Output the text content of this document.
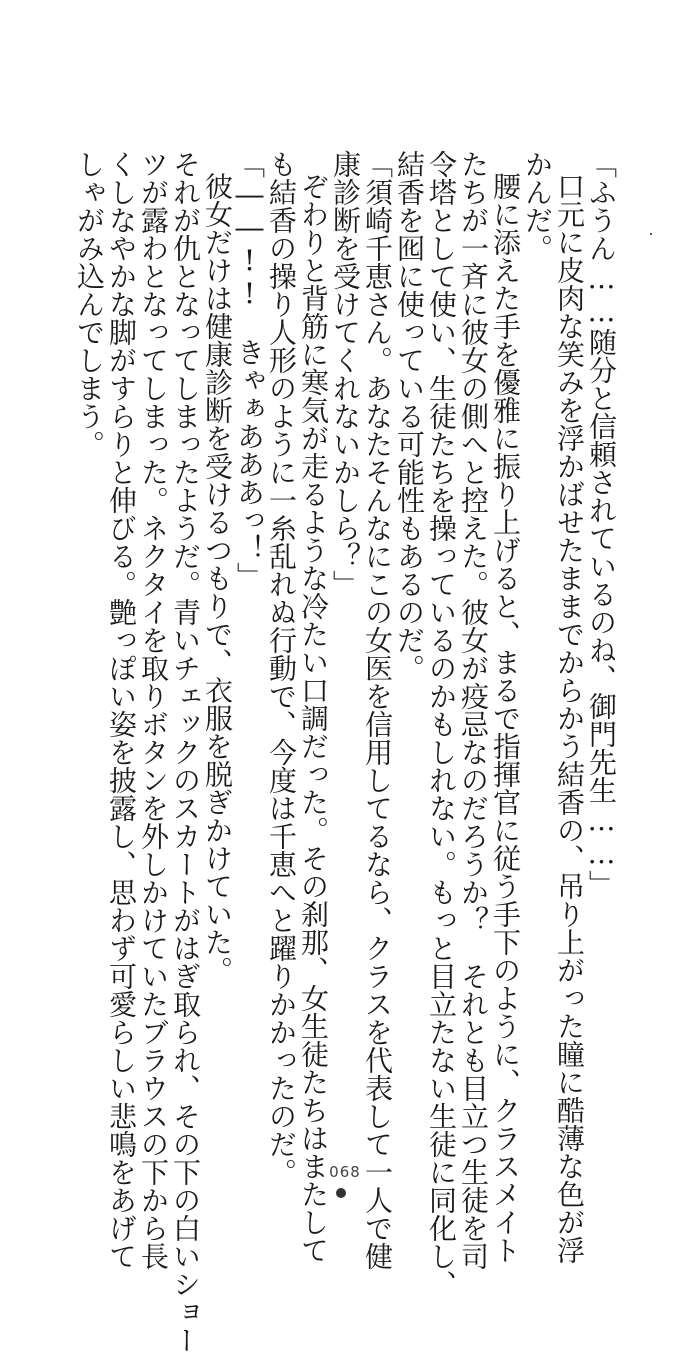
「ふうん……随分と信頼されているのね、御門先生……」
口元に皮肉な笑みを浮かばせたままでからかう結香の、吊り上がった瞳に酷薄な色が浮
かんだ。
腰に添えた手を優雅に振り上げると、まるで指揮官に従う手下のように、クラスメイト
たちが一斉に彼女の側へと控えた。彼女が疫忌なのだろうか？　それとも目立つ生徒を司
令塔として使い、生徒たちを操っているのかもしれない。もっと目立たない生徒に同化し、
結香を囮に使っている可能性もあるのだ。
「須崎千恵さん。あなたそんなにこの女医を信用してるなら、クラスを代表して一人で健
康診断を受けてくれないかしら？」
ぞわりと背筋に寒気が走るような冷たい口調だった。その刹那、女生徒たちはまたして
も結香の操り人形のように一糸乱れぬ行動で、今度は千恵へと躍りかかったのだ。
「――!!　きゃぁあああっ！」
彼女だけは健康診断を受けるつもりで、衣服を脱ぎかけていた。
それが仇となってしまったようだ。青いチェックのスカートがはぎ取られ、その下の白いショー
ツが露わとなってしまった。ネクタイを取りボタンを外しかけていたブラウスの下から長
くしなやかな脚がすらりと伸びる。艶っぽい姿を披露し、思わず可愛らしい悲鳴をあげて
しゃがみ込んでしまう。
068
